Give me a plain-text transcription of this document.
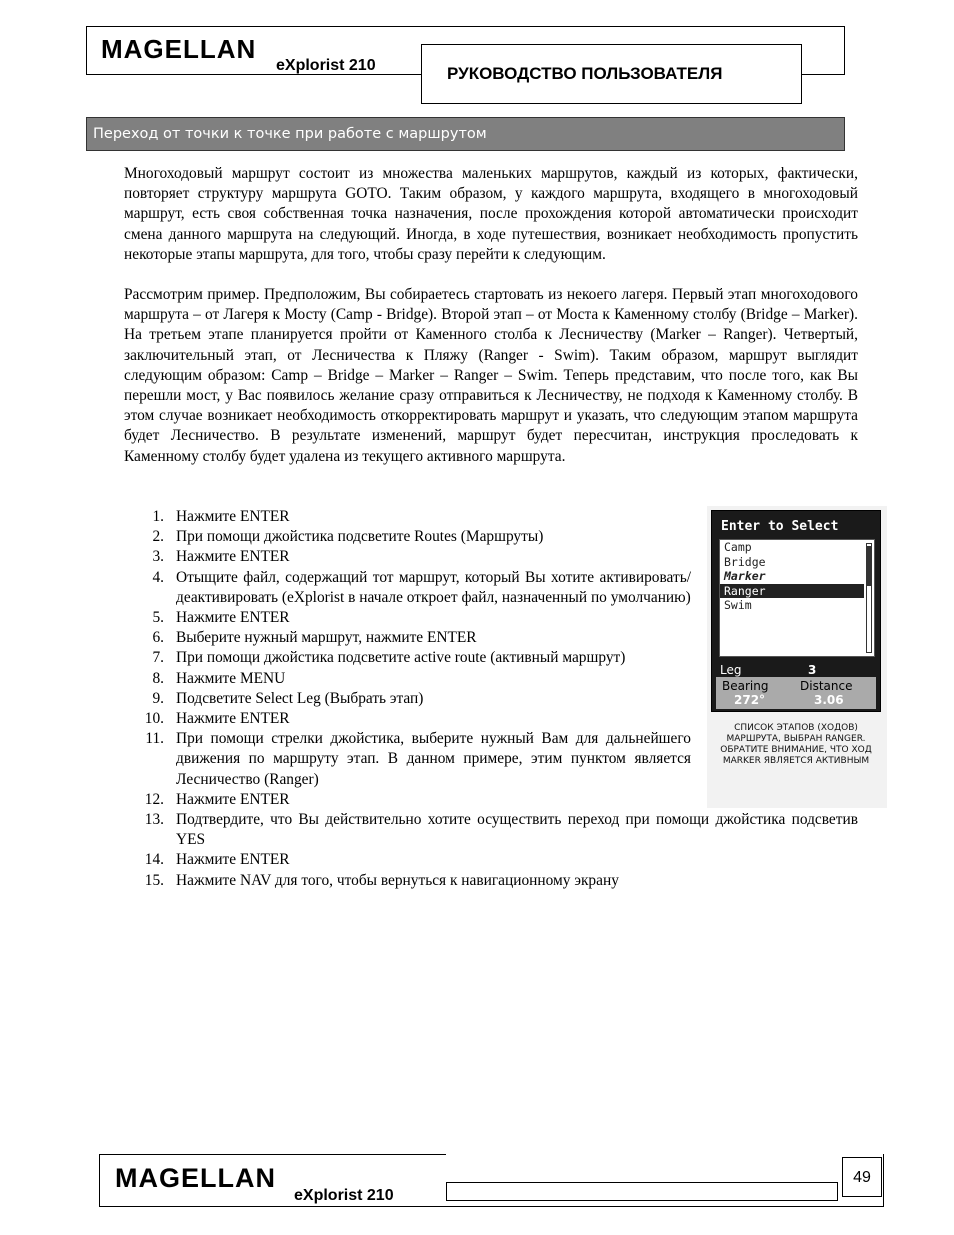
MAGELLAN
eXplorist 210	РУКОВОДСТВО ПОЛЬЗОВАТЕЛЯ
Переход от точки к точке при работе с маршрутом

Многоходовый маршрут состоит из множества маленьких маршрутов, каждый из которых, фактически, повторяет структуру маршрута GOTO. Таким образом, у каждого маршрута, входящего в многоходовый маршрут, есть своя собственная точка назначения, после прохождения которой автоматически происходит смена данного маршрута на следующий. Иногда, в ходе путешествия, возникает необходимость пропустить некоторые этапы маршрута, для того, чтобы сразу перейти к следующим.

Рассмотрим пример. Предположим, Вы собираетесь стартовать из некоего лагеря. Первый этап многоходового маршрута – от Лагеря к Мосту (Camp - Bridge). Второй этап – от Моста к Каменному столбу (Bridge – Marker). На третьем этапе планируется пройти от Каменного столба к Лесничеству (Marker – Ranger). Четвертый, заключительный этап, от Лесничества к Пляжу (Ranger - Swim). Таким образом, маршрут выглядит следующим образом: Camp – Bridge – Marker – Ranger – Swim. Теперь представим, что после того, как Вы перешли мост, у Вас появилось желание сразу отправиться к Лесничеству, не подходя к Каменному столбу. В этом случае возникает необходимость откорректировать маршрут и указать, что следующим этапом маршрута будет Лесничество. В результате изменений, маршрут будет пересчитан, инструкция проследовать к Каменному столбу будет удалена из текущего активного маршрута.

1. Нажмите ENTER
2. При помощи джойстика подсветите Routes (Маршруты)
3. Нажмите ENTER
4. Отыщите файл, содержащий тот маршрут, который Вы хотите активировать/деактивировать (eXplorist в начале откроет файл, назначенный по умолчанию)
5. Нажмите ENTER
6. Выберите нужный маршрут, нажмите ENTER
7. При помощи джойстика подсветите active route (активный маршрут)
8. Нажмите MENU
9. Подсветите Select Leg (Выбрать этап)
10. Нажмите ENTER
11. При помощи стрелки джойстика, выберите нужный Вам для дальнейшего движения по маршруту этап. В данном примере, этим пунктом является Лесничество (Ranger)
12. Нажмите ENTER
13. Подтвердите, что Вы действительно хотите осуществить переход при помощи джойстика подсветив YES
14. Нажмите ENTER
15. Нажмите NAV для того, чтобы вернуться к навигационному экрану
Enter to Select
Camp
Bridge
Marker
Ranger
Swim
Leg	3
Bearing
272°
Distance
3.06
СПИСОК ЭТАПОВ (ХОДОВ) МАРШРУТА, ВЫБРАН RANGER. ОБРАТИТЕ ВНИМАНИЕ, ЧТО ХОД MARKER ЯВЛЯЕТСЯ АКТИВНЫМ
MAGELLAN
eXplorist 210
49
